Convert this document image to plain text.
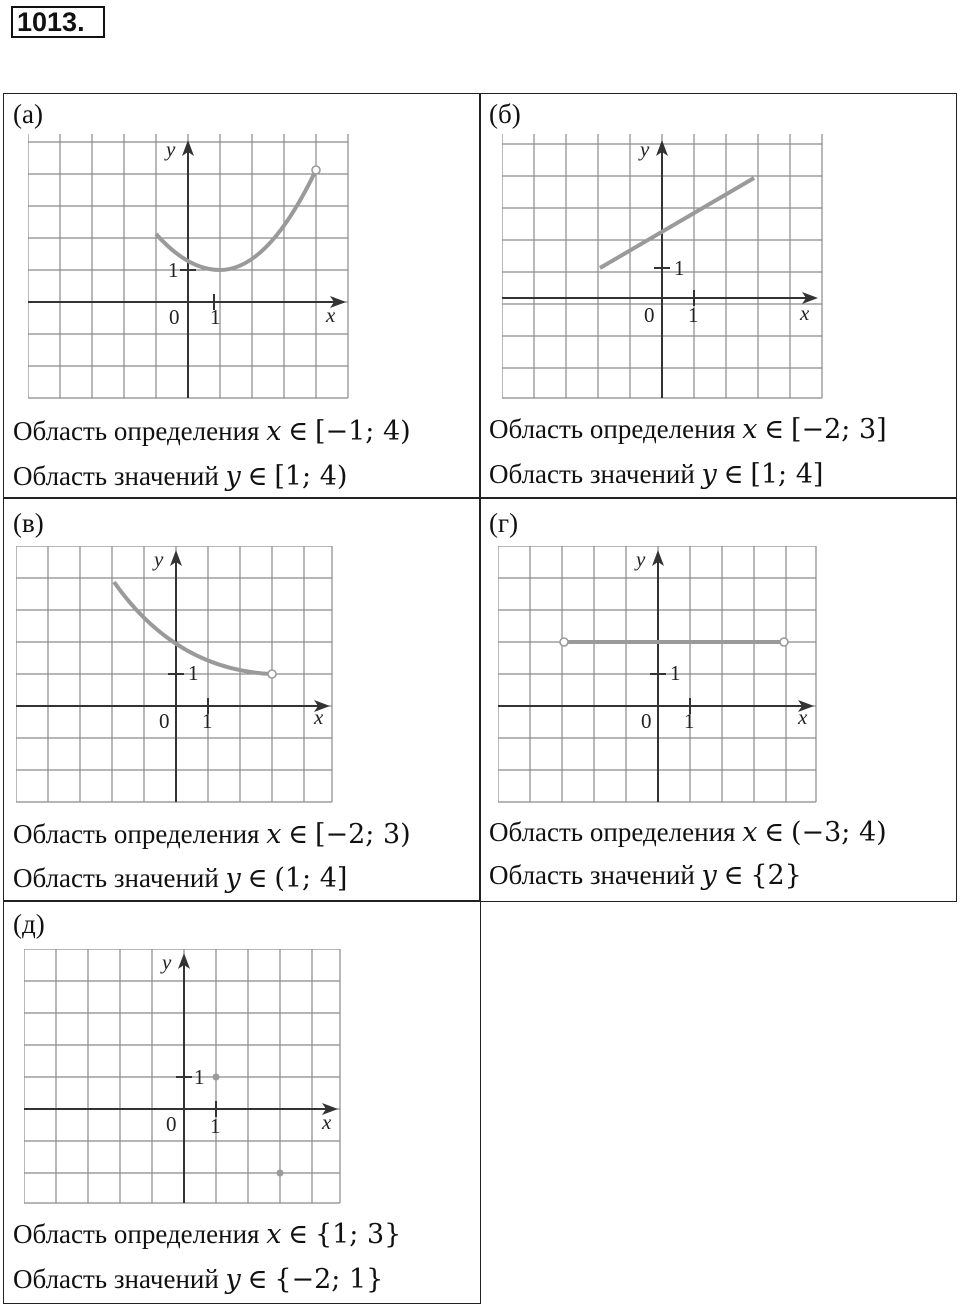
1013.
(а)
0 1
1
x
y
Область определения x ∈ [−1; 4)
Область значений y ∈ [1; 4)
(б)
0 1
1
x
y
Область определения x ∈ [−2; 3]
Область значений y ∈ [1; 4]
(в)
0 1
1
x
y
Область определения x ∈ [−2; 3)
Область значений y ∈ (1; 4]
(г)
0 1
1
x
y
Область определения x ∈ (−3; 4)
Область значений y ∈ {2}
(д)
0 1
1
x
y
Область определения x ∈ {1; 3}
Область значений y ∈ {−2; 1}
